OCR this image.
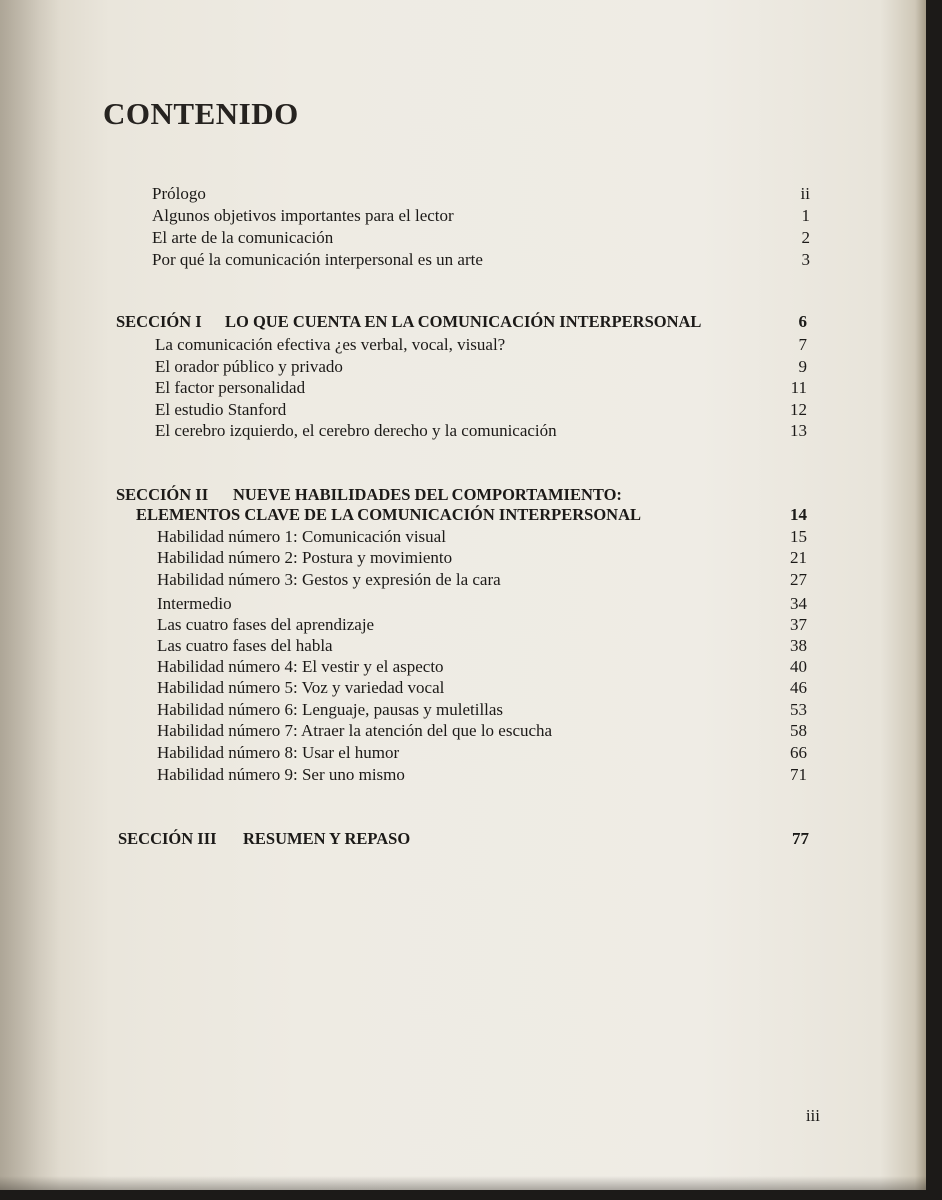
CONTENIDO
Prólogo	ii
Algunos objetivos importantes para el lector	1
El arte de la comunicación	2
Por qué la comunicación interpersonal es un arte	3
SECCIÓN I LO QUE CUENTA EN LA COMUNICACIÓN INTERPERSONAL	6
La comunicación efectiva ¿es verbal, vocal, visual?	7
El orador público y privado	9
El factor personalidad	11
El estudio Stanford	12
El cerebro izquierdo, el cerebro derecho y la comunicación	13
SECCIÓN II NUEVE HABILIDADES DEL COMPORTAMIENTO:
ELEMENTOS CLAVE DE LA COMUNICACIÓN INTERPERSONAL	14
Habilidad número 1: Comunicación visual	15
Habilidad número 2: Postura y movimiento	21
Habilidad número 3: Gestos y expresión de la cara	27
Intermedio	34
Las cuatro fases del aprendizaje	37
Las cuatro fases del habla	38
Habilidad número 4: El vestir y el aspecto	40
Habilidad número 5: Voz y variedad vocal	46
Habilidad número 6: Lenguaje, pausas y muletillas	53
Habilidad número 7: Atraer la atención del que lo escucha	58
Habilidad número 8: Usar el humor	66
Habilidad número 9: Ser uno mismo	71
SECCIÓN III RESUMEN Y REPASO	77
iii
